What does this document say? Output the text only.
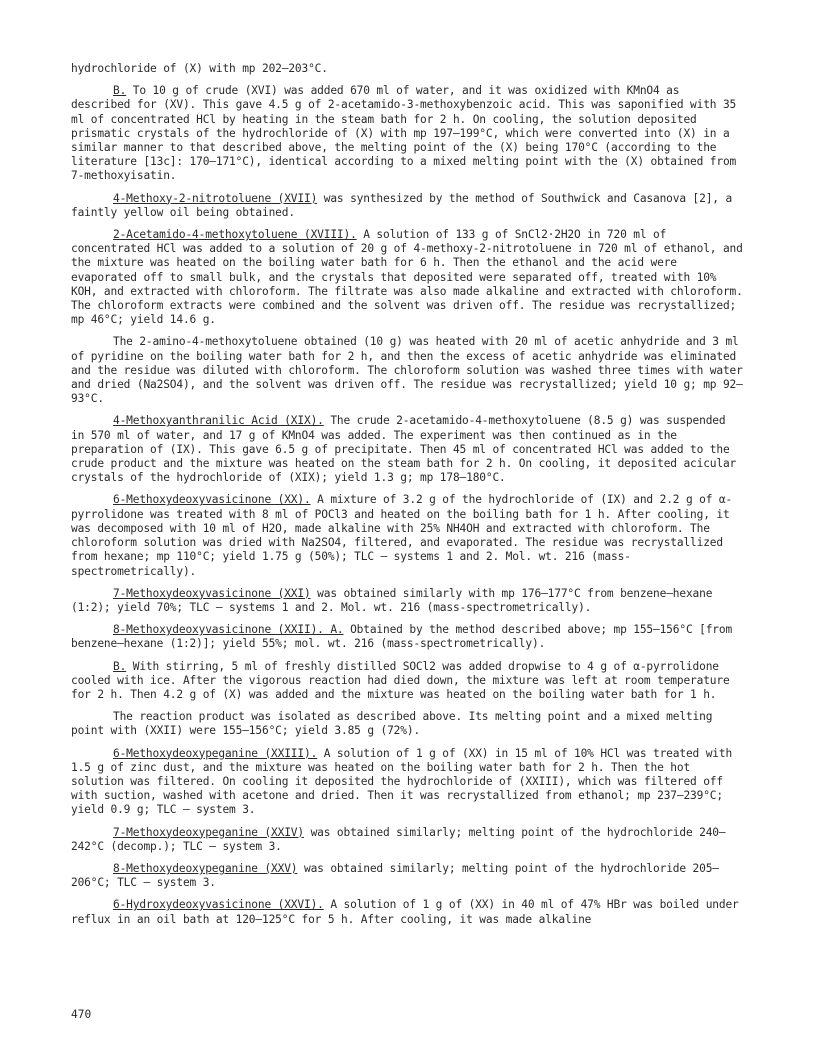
hydrochloride of (X) with mp 202–203°C.

B. To 10 g of crude (XVI) was added 670 ml of water, and it was oxidized with KMnO4 as described for (XV). This gave 4.5 g of 2-acetamido-3-methoxybenzoic acid. This was saponified with 35 ml of concentrated HCl by heating in the steam bath for 2 h. On cooling, the solution deposited prismatic crystals of the hydrochloride of (X) with mp 197–199°C, which were converted into (X) in a similar manner to that described above, the melting point of the (X) being 170°C (according to the literature [13c]: 170–171°C), identical according to a mixed melting point with the (X) obtained from 7-methoxyisatin.

4-Methoxy-2-nitrotoluene (XVII) was synthesized by the method of Southwick and Casanova [2], a faintly yellow oil being obtained.

2-Acetamido-4-methoxytoluene (XVIII). A solution of 133 g of SnCl2·2H2O in 720 ml of concentrated HCl was added to a solution of 20 g of 4-methoxy-2-nitrotoluene in 720 ml of ethanol, and the mixture was heated on the boiling water bath for 6 h. Then the ethanol and the acid were evaporated off to small bulk, and the crystals that deposited were separated off, treated with 10% KOH, and extracted with chloroform. The filtrate was also made alkaline and extracted with chloroform. The chloroform extracts were combined and the solvent was driven off. The residue was recrystallized; mp 46°C; yield 14.6 g.

The 2-amino-4-methoxytoluene obtained (10 g) was heated with 20 ml of acetic anhydride and 3 ml of pyridine on the boiling water bath for 2 h, and then the excess of acetic anhydride was eliminated and the residue was diluted with chloroform. The chloroform solution was washed three times with water and dried (Na2SO4), and the solvent was driven off. The residue was recrystallized; yield 10 g; mp 92–93°C.

4-Methoxyanthranilic Acid (XIX). The crude 2-acetamido-4-methoxytoluene (8.5 g) was suspended in 570 ml of water, and 17 g of KMnO4 was added. The experiment was then continued as in the preparation of (IX). This gave 6.5 g of precipitate. Then 45 ml of concentrated HCl was added to the crude product and the mixture was heated on the steam bath for 2 h. On cooling, it deposited acicular crystals of the hydrochloride of (XIX); yield 1.3 g; mp 178–180°C.

6-Methoxydeoxyvasicinone (XX). A mixture of 3.2 g of the hydrochloride of (IX) and 2.2 g of α-pyrrolidone was treated with 8 ml of POCl3 and heated on the boiling bath for 1 h. After cooling, it was decomposed with 10 ml of H2O, made alkaline with 25% NH4OH and extracted with chloroform. The chloroform solution was dried with Na2SO4, filtered, and evaporated. The residue was recrystallized from hexane; mp 110°C; yield 1.75 g (50%); TLC — systems 1 and 2. Mol. wt. 216 (mass-spectrometrically).

7-Methoxydeoxyvasicinone (XXI) was obtained similarly with mp 176–177°C from benzene–hexane (1:2); yield 70%; TLC — systems 1 and 2. Mol. wt. 216 (mass-spectrometrically).

8-Methoxydeoxyvasicinone (XXII). A. Obtained by the method described above; mp 155–156°C [from benzene–hexane (1:2)]; yield 55%; mol. wt. 216 (mass-spectrometrically).

B. With stirring, 5 ml of freshly distilled SOCl2 was added dropwise to 4 g of α-pyrrolidone cooled with ice. After the vigorous reaction had died down, the mixture was left at room temperature for 2 h. Then 4.2 g of (X) was added and the mixture was heated on the boiling water bath for 1 h.

The reaction product was isolated as described above. Its melting point and a mixed melting point with (XXII) were 155–156°C; yield 3.85 g (72%).

6-Methoxydeoxypeganine (XXIII). A solution of 1 g of (XX) in 15 ml of 10% HCl was treated with 1.5 g of zinc dust, and the mixture was heated on the boiling water bath for 2 h. Then the hot solution was filtered. On cooling it deposited the hydrochloride of (XXIII), which was filtered off with suction, washed with acetone and dried. Then it was recrystallized from ethanol; mp 237–239°C; yield 0.9 g; TLC — system 3.

7-Methoxydeoxypeganine (XXIV) was obtained similarly; melting point of the hydrochloride 240–242°C (decomp.); TLC — system 3.

8-Methoxydeoxypeganine (XXV) was obtained similarly; melting point of the hydrochloride 205–206°C; TLC — system 3.

6-Hydroxydeoxyvasicinone (XXVI). A solution of 1 g of (XX) in 40 ml of 47% HBr was boiled under reflux in an oil bath at 120–125°C for 5 h. After cooling, it was made alkaline

470
